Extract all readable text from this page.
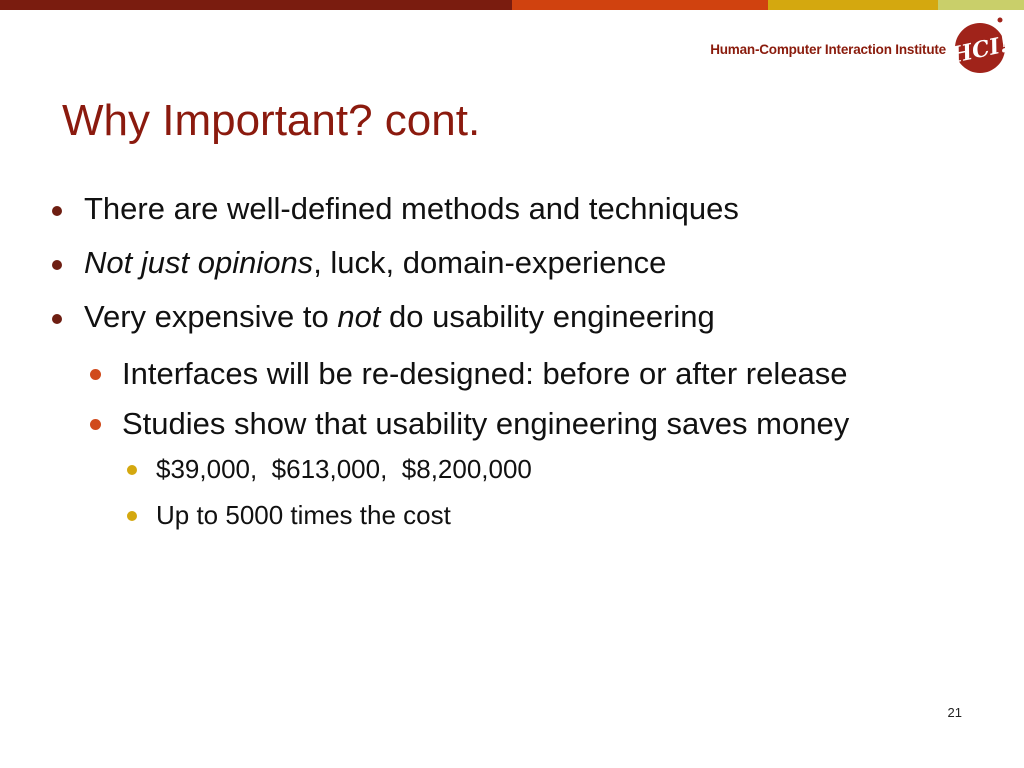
Human-Computer Interaction Institute HCI!
Why Important? cont.
There are well-defined methods and techniques
Not just opinions, luck, domain-experience
Very expensive to not do usability engineering
Interfaces will be re-designed: before or after release
Studies show that usability engineering saves money
$39,000,  $613,000,  $8,200,000
Up to 5000 times the cost
21
